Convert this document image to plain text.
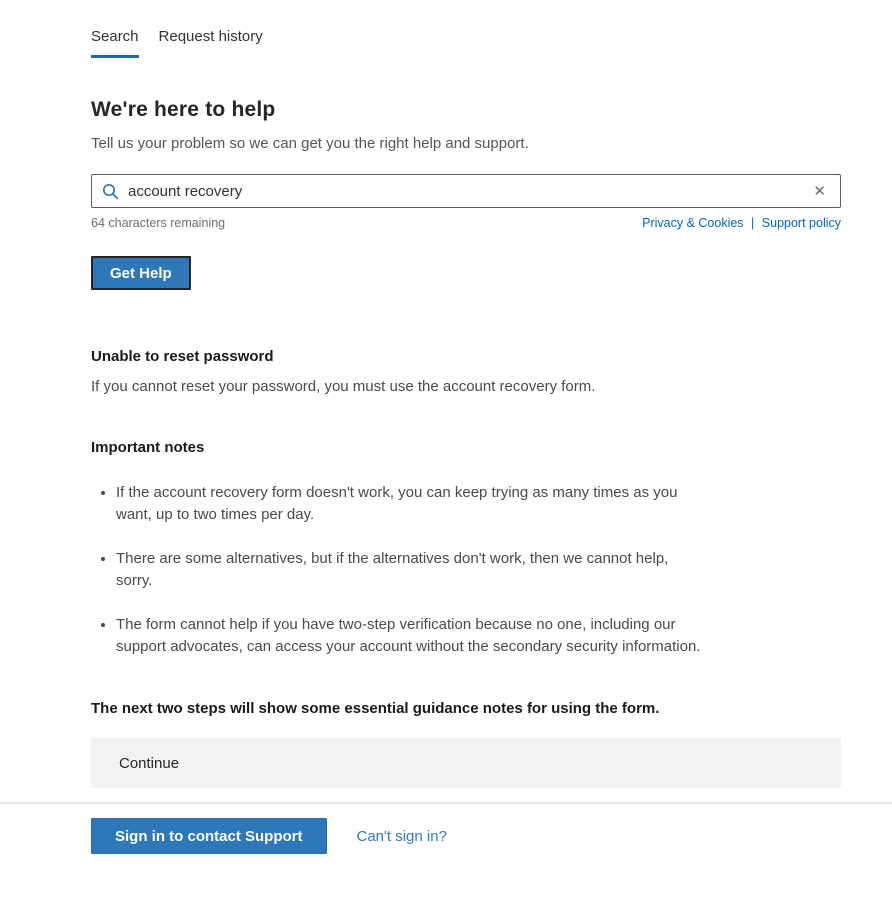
Search Request history
We're here to help

Tell us your problem so we can get you the right help and support.

account recovery
✕
64 characters remaining	Privacy & Cookies | Support policy
Get Help
Unable to reset password

If you cannot reset your password, you must use the account recovery form.

Important notes
• If the account recovery form doesn't work, you can keep trying as many times as you want, up to two times per day.
• There are some alternatives, but if the alternatives don't work, then we cannot help, sorry.
• The form cannot help if you have two-step verification because no one, including our support advocates, can access your account without the secondary security information.

The next two steps will show some essential guidance notes for using the form.

Continue
Sign in to contact Support	Can't sign in?
